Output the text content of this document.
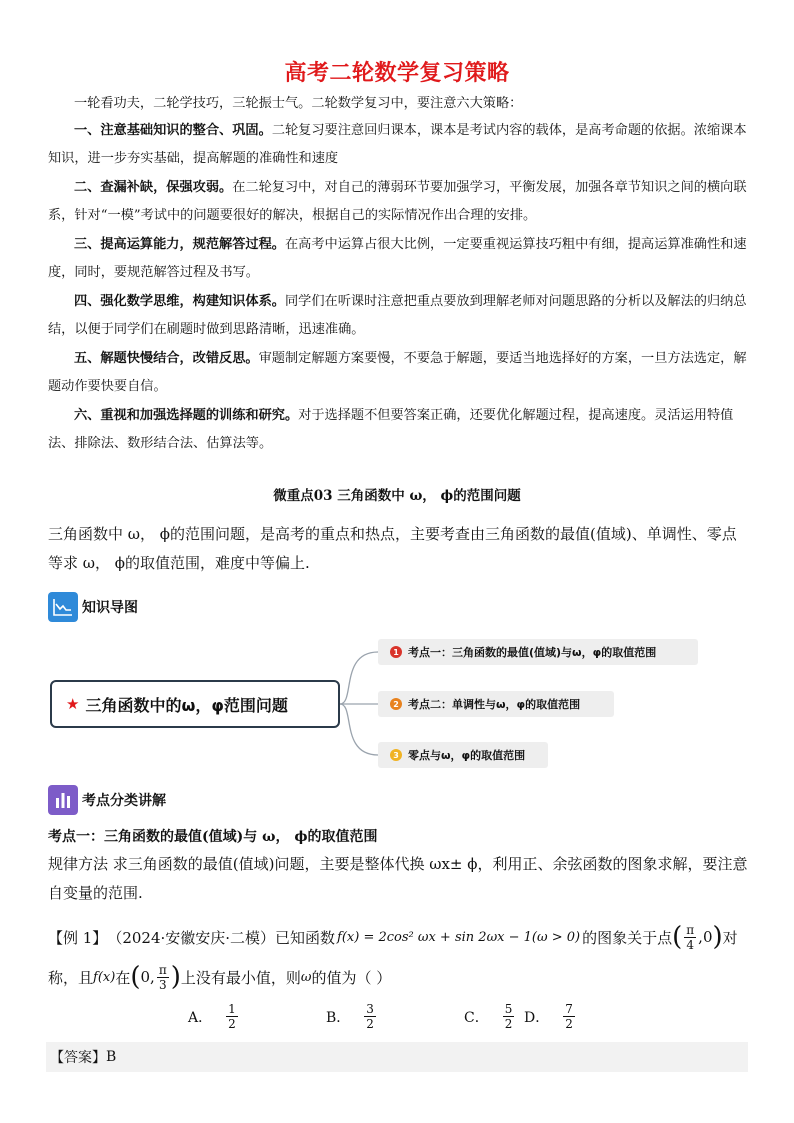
高考二轮数学复习策略
一轮看功夫，二轮学技巧，三轮振士气。二轮数学复习中，要注意六大策略：
一、注意基础知识的整合、巩固。二轮复习要注意回归课本，课本是考试内容的载体，是高考命题的依据。浓缩课本知识，进一步夯实基础，提高解题的准确性和速度
二、查漏补缺，保强攻弱。在二轮复习中，对自己的薄弱环节要加强学习，平衡发展，加强各章节知识之间的横向联系，针对“一模”考试中的问题要很好的解决，根据自己的实际情况作出合理的安排。
三、提高运算能力，规范解答过程。在高考中运算占很大比例，一定要重视运算技巧粗中有细，提高运算准确性和速度，同时，要规范解答过程及书写。
四、强化数学思维，构建知识体系。同学们在听课时注意把重点要放到理解老师对问题思路的分析以及解法的归纳总结，以便于同学们在刷题时做到思路清晰，迅速准确。
五、解题快慢结合，改错反思。审题制定解题方案要慢，不要急于解题，要适当地选择好的方案，一旦方法选定，解题动作要快要自信。
六、重视和加强选择题的训练和研究。对于选择题不但要答案正确，还要优化解题过程，提高速度。灵活运用特值法、排除法、数形结合法、估算法等。
微重点03 三角函数中 ω， ϕ的范围问题
三角函数中 ω， ϕ的范围问题，是高考的重点和热点，主要考查由三角函数的最值(值域)、单调性、零点等求 ω， ϕ的取值范围，难度中等偏上.
知识导图
★ 三角函数中的ω，φ范围问题
1 考点一：三角函数的最值(值域)与ω，φ的取值范围
2 考点二：单调性与ω，φ的取值范围
3 零点与ω，φ的取值范围
考点分类讲解
考点一：三角函数的最值(值域)与 ω， ϕ的取值范围
规律方法 求三角函数的最值(值域)问题，主要是整体代换 ωx± ϕ，利用正、余弦函数的图象求解，要注意自变量的范围.
【例 1】 （2024·安徽安庆·二模）已知函数 f(x) = 2cos² ωx + sin 2ωx − 1(ω > 0) 的图象关于点 ( $\frac{\pi}{4}$ , 0 ) 对
称，且 f(x) 在 ( 0 , $\frac{\pi}{3}$ ) 上没有最小值，则 ω 的值为（ ）
A． $\frac{1}{2}$	B． $\frac{3}{2}$	C． $\frac{5}{2}$ D． $\frac{7}{2}$
【答案】 B
